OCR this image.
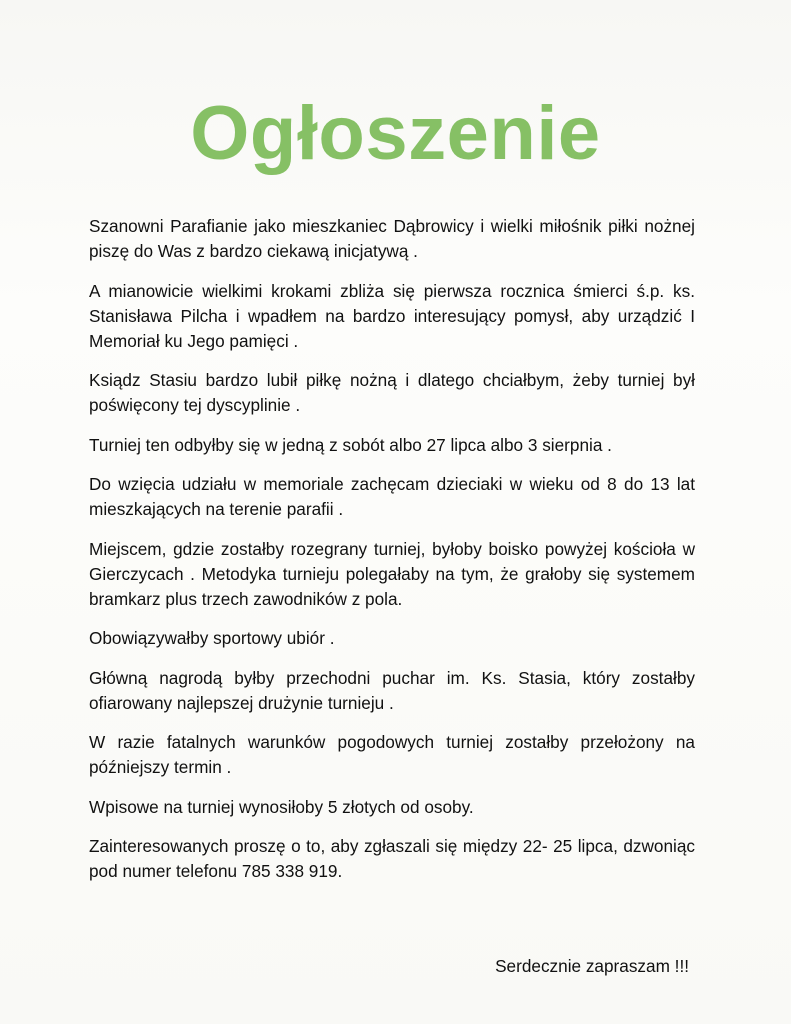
Ogłoszenie

Szanowni Parafianie jako mieszkaniec Dąbrowicy i wielki miłośnik piłki nożnej piszę do Was z bardzo ciekawą inicjatywą .

A mianowicie wielkimi krokami zbliża się pierwsza rocznica śmierci ś.p. ks. Stanisława Pilcha i wpadłem na bardzo interesujący pomysł, aby urządzić I Memoriał ku Jego pamięci .

Ksiądz Stasiu bardzo lubił piłkę nożną i dlatego chciałbym, żeby turniej był poświęcony tej dyscyplinie .

Turniej ten odbyłby się w jedną z sobót albo 27 lipca albo 3 sierpnia .

Do wzięcia udziału w memoriale zachęcam dzieciaki w wieku od 8 do 13 lat mieszkających na terenie parafii .

Miejscem, gdzie zostałby rozegrany turniej, byłoby boisko powyżej kościoła w Gierczycach . Metodyka turnieju polegałaby na tym, że grałoby się systemem bramkarz plus trzech zawodników z pola.

Obowiązywałby sportowy ubiór .

Główną nagrodą byłby przechodni puchar im. Ks. Stasia, który zostałby ofiarowany najlepszej drużynie turnieju .

W razie fatalnych warunków pogodowych turniej zostałby przełożony na późniejszy termin .

Wpisowe na turniej wynosiłoby 5 złotych od osoby.

Zainteresowanych proszę o to, aby zgłaszali się między 22- 25 lipca, dzwoniąc pod numer telefonu 785 338 919.

Serdecznie zapraszam !!!
